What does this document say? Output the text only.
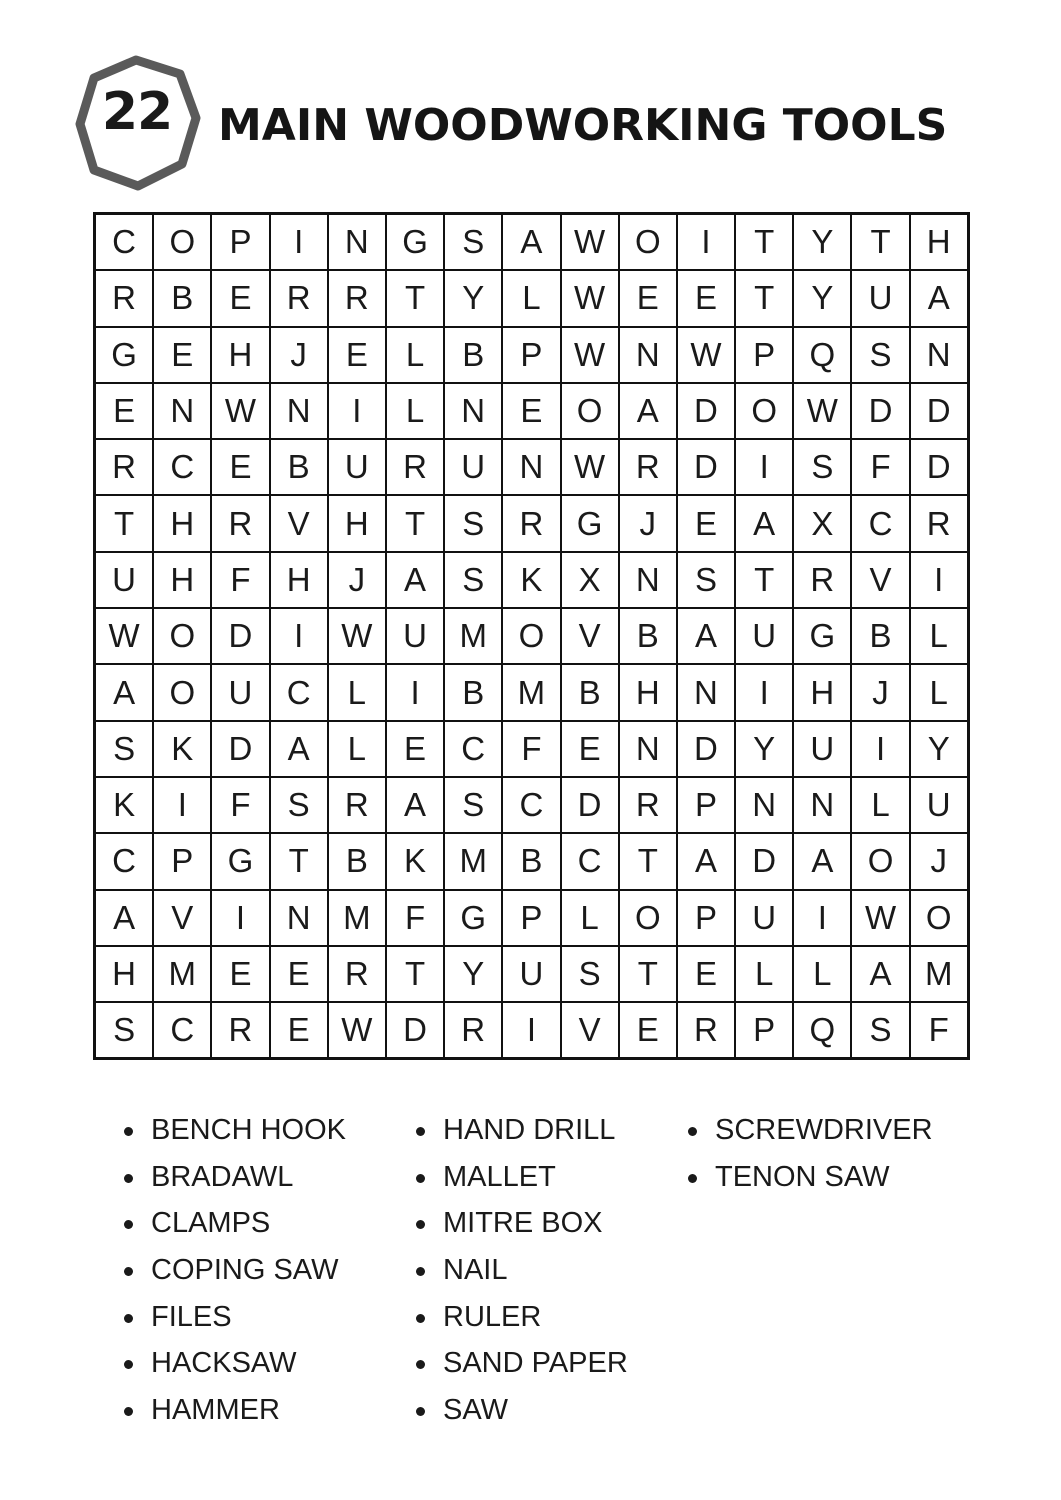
22	MAIN WOODWORKING TOOLS
C	O	P	I	N	G	S	A	W	O	I	T	Y	T	H
R	B	E	R	R	T	Y	L	W	E	E	T	Y	U	A
G	E	H	J	E	L	B	P	W	N	W	P	Q	S	N
E	N	W	N	I	L	N	E	O	A	D	O	W	D	D
R	C	E	B	U	R	U	N	W	R	D	I	S	F	D
T	H	R	V	H	T	S	R	G	J	E	A	X	C	R
U	H	F	H	J	A	S	K	X	N	S	T	R	V	I
W	O	D	I	W	U	M	O	V	B	A	U	G	B	L
A	O	U	C	L	I	B	M	B	H	N	I	H	J	L
S	K	D	A	L	E	C	F	E	N	D	Y	U	I	Y
K	I	F	S	R	A	S	C	D	R	P	N	N	L	U
C	P	G	T	B	K	M	B	C	T	A	D	A	O	J
A	V	I	N	M	F	G	P	L	O	P	U	I	W	O
H	M	E	E	R	T	Y	U	S	T	E	L	L	A	M
S	C	R	E	W	D	R	I	V	E	R	P	Q	S	F
BENCH HOOK
BRADAWL
CLAMPS
COPING SAW
FILES
HACKSAW
HAMMER
HAND DRILL
MALLET
MITRE BOX
NAIL
RULER
SAND PAPER
SAW
SCREWDRIVER
TENON SAW
